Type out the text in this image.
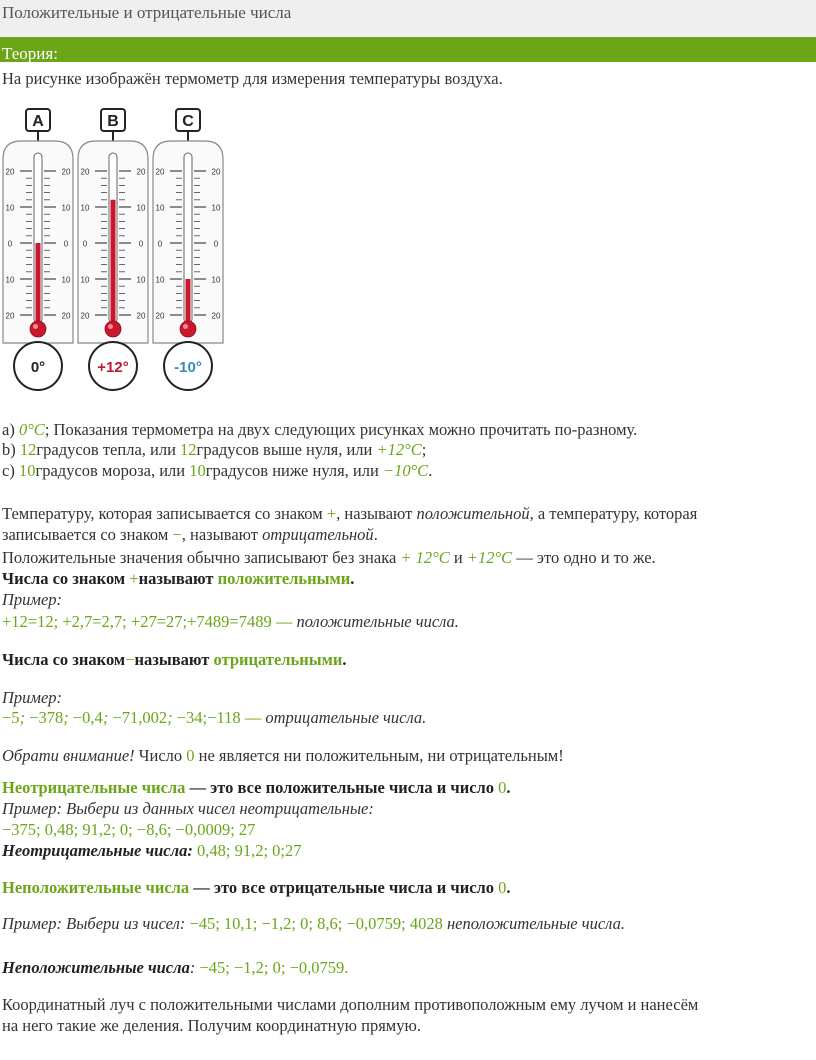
Положительные и отрицательные числа
Теория:
На рисунке изображён термометр для измерения температуры воздуха.
A
20	20
10	10
0	0
10	10
20	20
0°
B
20	20
10	10
0	0
10	10
20	20
+12°
C
20	20
10	10
0	0
10	10
20	20
-10°
a) 0°C; Показания термометра на двух следующих рисунках можно прочитать по-разному.
b) 12градусов тепла, или 12градусов выше нуля, или +12°C;
c) 10градусов мороза, или 10градусов ниже нуля, или −10°C.
Температуру, которая записывается со знаком +, называют положительной, а температуру, которая
записывается со знаком −, называют отрицательной.
Положительные значения обычно записывают без знака + 12°C и +12°C — это одно и то же.
Числа со знаком +называют положительными.
Пример:
+12=12; +2,7=2,7; +27=27;+7489=7489 — положительные числа.
Числа со знаком−называют отрицательными.
Пример:
−5; −378; −0,4; −71,002; −34;−118 — отрицательные числа.
Обрати внимание! Число 0 не является ни положительным, ни отрицательным!
Неотрицательные числа — это все положительные числа и число 0.
Пример: Выбери из данных чисел неотрицательные:
−375; 0,48; 91,2; 0; −8,6; −0,0009; 27
Неотрицательные числа: 0,48; 91,2; 0;27
Неположительные числа — это все отрицательные числа и число 0.
Пример: Выбери из чисел: −45; 10,1; −1,2; 0; 8,6; −0,0759; 4028 неположительные числа.
Неположительные числа: −45; −1,2; 0; −0,0759.
Координатный луч с положительными числами дополним противоположным ему лучом и нанесём
на него такие же деления. Получим координатную прямую.
